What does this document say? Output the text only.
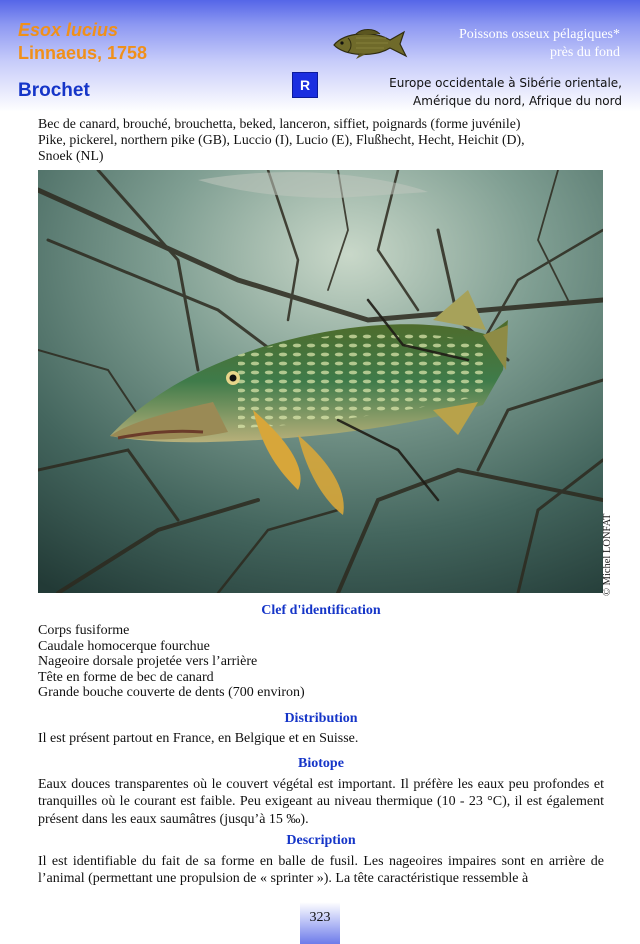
Esox lucius
Linnaeus, 1758
Brochet
Poissons osseux pélagiques*
près du fond
R	Europe occidentale à Sibérie orientale,
Amérique du nord, Afrique du nord
Bec de canard, brouché, brouchetta, beked, lanceron, siffiet, poignards (forme juvénile)
Pike, pickerel, northern pike (GB), Luccio (I), Lucio (E), Flußhecht, Hecht, Heichit (D),
Snoek (NL)
© Michel LONFAT
Clef d'identification
Corps fusiforme
Caudale homocerque fourchue
Nageoire dorsale projetée vers l’arrière
Tête en forme de bec de canard
Grande bouche couverte de dents (700 environ)
Distribution
Il est présent partout en France, en Belgique et en Suisse.
Biotope
Eaux douces transparentes où le couvert végétal est important. Il préfère les eaux peu profondes et tranquilles où le courant est faible. Peu exigeant au niveau thermique (10 - 23 °C), il est également présent dans les eaux saumâtres (jusqu’à 15 ‰).
Description
Il est identifiable du fait de sa forme en balle de fusil. Les nageoires impaires sont en arrière de l’animal (permettant une propulsion de « sprinter »). La tête caractéristique ressemble à
323
